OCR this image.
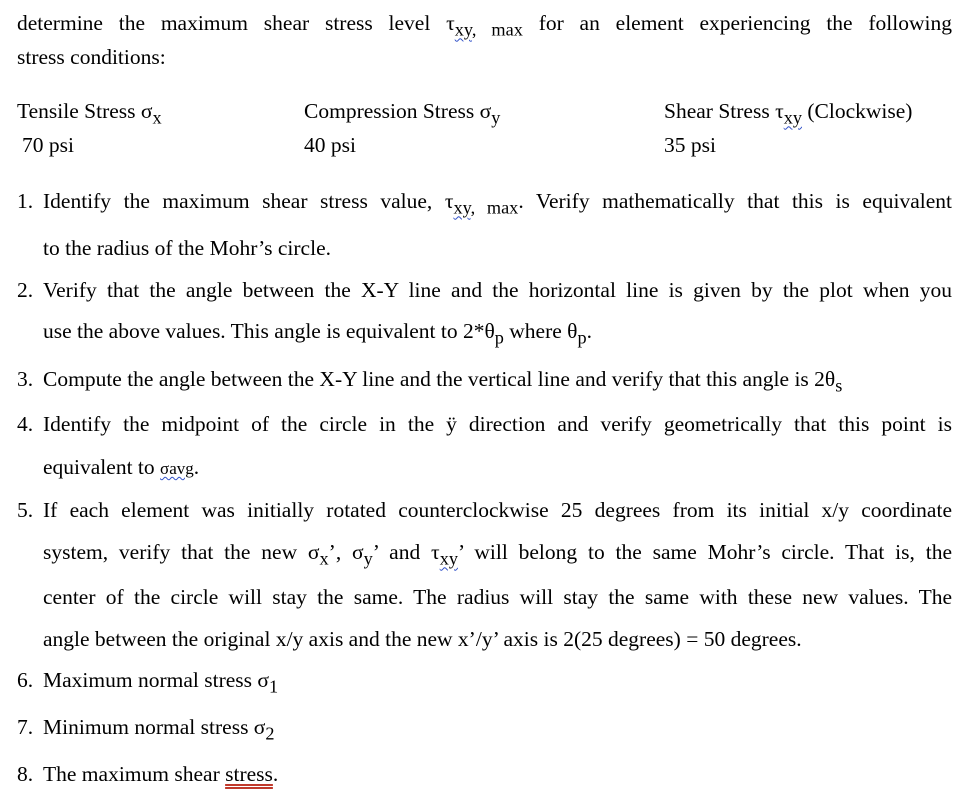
determine the maximum shear stress level $\tau_{xy, max}$ for an element experiencing the following
stress conditions:
Tensile Stress $\sigma_x$
70 psi
Compression Stress $\sigma_y$
40 psi
Shear Stress $\tau_{xy}$ (Clockwise)
35 psi
1. Identify the maximum shear stress value, $\tau_{xy, max}$. Verify mathematically that this is equivalent
to the radius of the Mohr’s circle.
2. Verify that the angle between the X-Y line and the horizontal line is given by the plot when you
use the above values. This angle is equivalent to $2*\theta_p$ where $\theta_p$.
3. Compute the angle between the X-Y line and the vertical line and verify that this angle is $2\theta_s$
4. Identify the midpoint of the circle in the ÿ direction and verify geometrically that this point is
equivalent to σavg.
5. If each element was initially rotated counterclockwise 25 degrees from its initial x/y coordinate
system, verify that the new $\sigma_x$’, $\sigma_y$’ and $\tau_{xy}$’ will belong to the same Mohr’s circle. That is, the
center of the circle will stay the same. The radius will stay the same with these new values. The
angle between the original x/y axis and the new x’/y’ axis is 2(25 degrees) = 50 degrees.
6. Maximum normal stress $\sigma_1$
7. Minimum normal stress $\sigma_2$
8. The maximum shear stress.
